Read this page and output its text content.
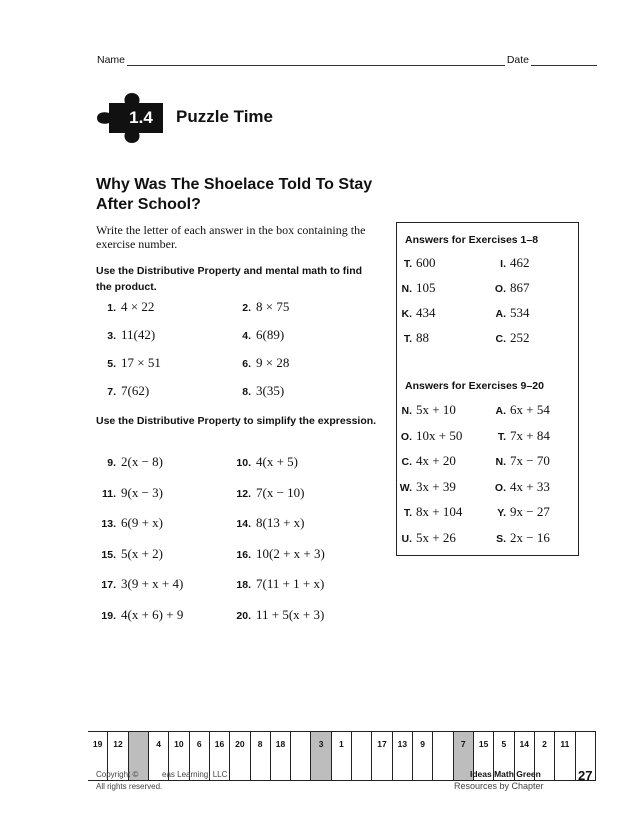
Name	Date
1.4	Puzzle Time
Why Was The Shoelace Told To Stay
After School?
Write the letter of each answer in the box containing the exercise number.
Use the Distributive Property and mental math to find the product.
1. 4 × 22	2. 8 × 75
3. 11(42)	4. 6(89)
5. 17 × 51	6. 9 × 28
7. 7(62)	8. 3(35)
Use the Distributive Property to simplify the expression.
9. 2(x − 8)	10. 4(x + 5)
11. 9(x − 3)	12. 7(x − 10)
13. 6(9 + x)	14. 8(13 + x)
15. 5(x + 2)	16. 10(2 + x + 3)
17. 3(9 + x + 4)	18. 7(11 + 1 + x)
19. 4(x + 6) + 9	20. 11 + 5(x + 3)
Answers for Exercises 1–8
T. 600	I. 462
N. 105	O. 867
K. 434	A. 534
T. 88	C. 252
Answers for Exercises 9–20
N. 5x + 10	A. 6x + 54
O. 10x + 50	T. 7x + 84
C. 4x + 20	N. 7x − 70
W. 3x + 39	O. 4x + 33
T. 8x + 104	Y. 9x − 27
U. 5x + 26	S. 2x − 16
19	12	4	10	6	16	20	8	18	3	1	17	13	9	7	15	5	14	2	11
Copyright ©	eas Learning, LLC
All rights reserved.
Ideas Math Green
Resources by Chapter
27
